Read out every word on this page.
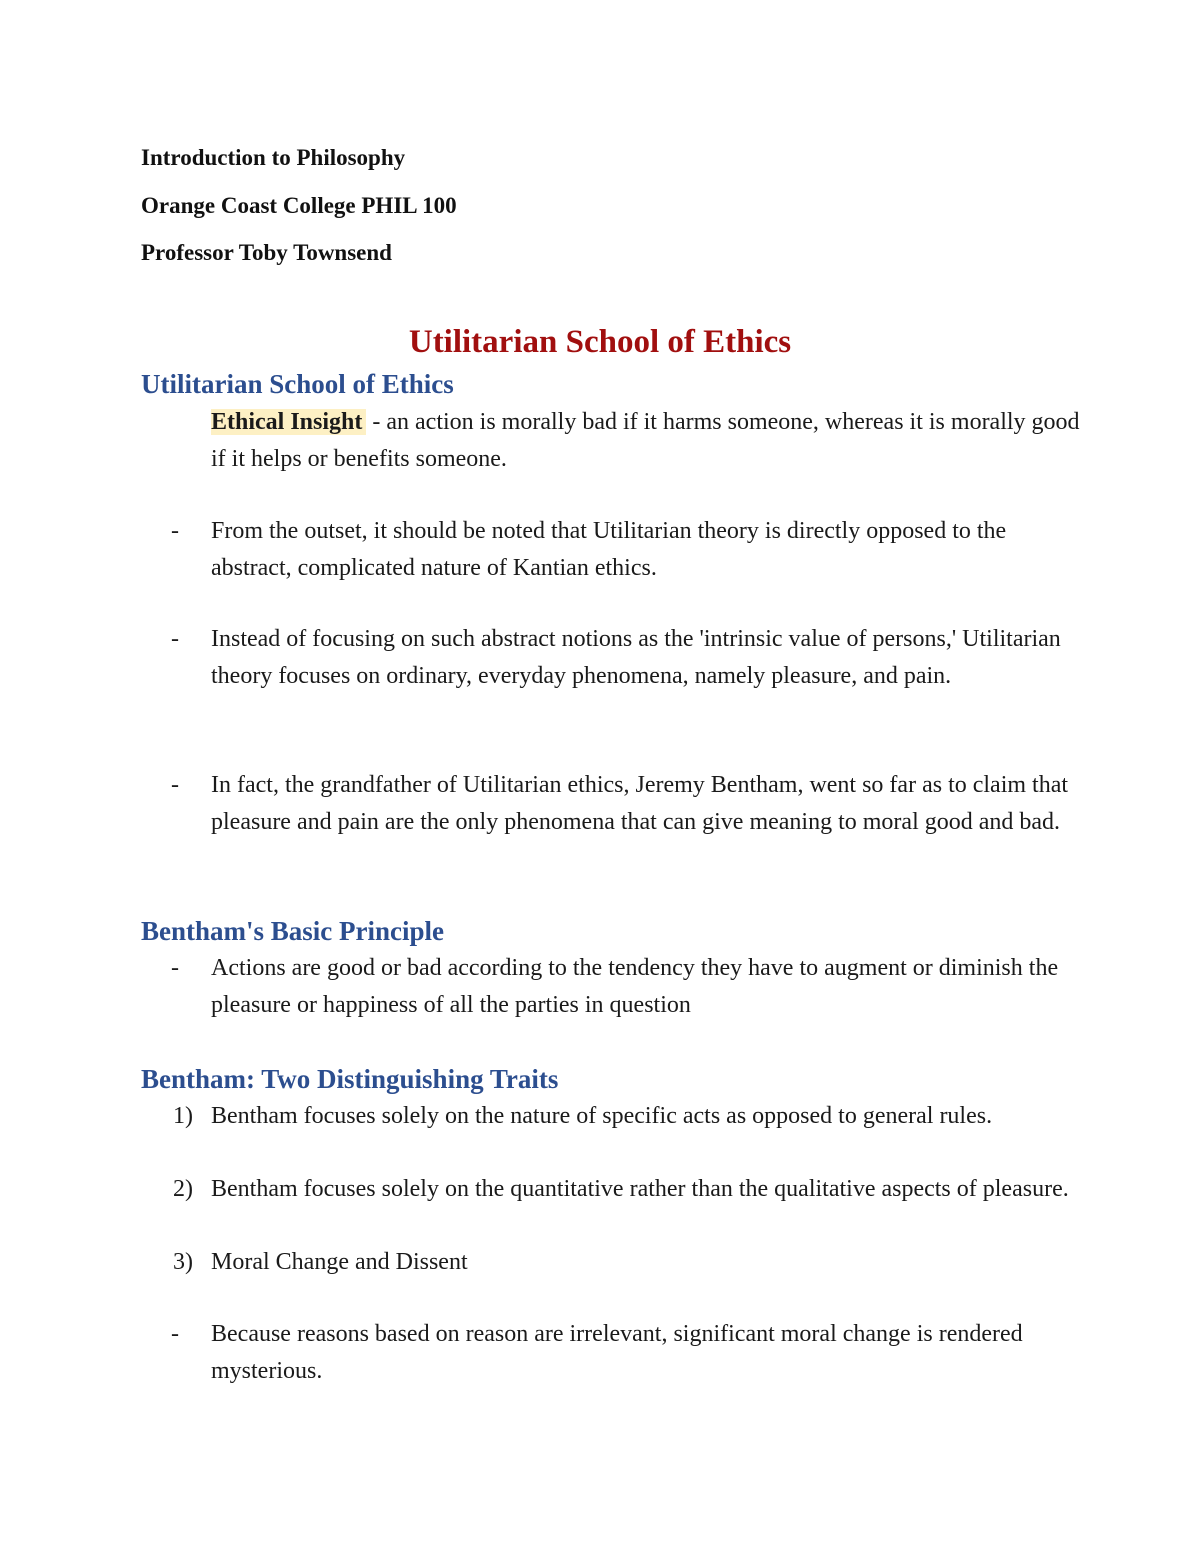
Introduction to Philosophy
Orange Coast College PHIL 100
Professor Toby Townsend
Utilitarian School of Ethics
Utilitarian School of Ethics
Ethical Insight - an action is morally bad if it harms someone, whereas it is morally good if it helps or benefits someone.
- From the outset, it should be noted that Utilitarian theory is directly opposed to the abstract, complicated nature of Kantian ethics.
- Instead of focusing on such abstract notions as the 'intrinsic value of persons,' Utilitarian theory focuses on ordinary, everyday phenomena, namely pleasure, and pain.
- In fact, the grandfather of Utilitarian ethics, Jeremy Bentham, went so far as to claim that pleasure and pain are the only phenomena that can give meaning to moral good and bad.
Bentham's Basic Principle
- Actions are good or bad according to the tendency they have to augment or diminish the pleasure or happiness of all the parties in question
Bentham: Two Distinguishing Traits
1) Bentham focuses solely on the nature of specific acts as opposed to general rules.
2) Bentham focuses solely on the quantitative rather than the qualitative aspects of pleasure.
3) Moral Change and Dissent
- Because reasons based on reason are irrelevant, significant moral change is rendered mysterious.
